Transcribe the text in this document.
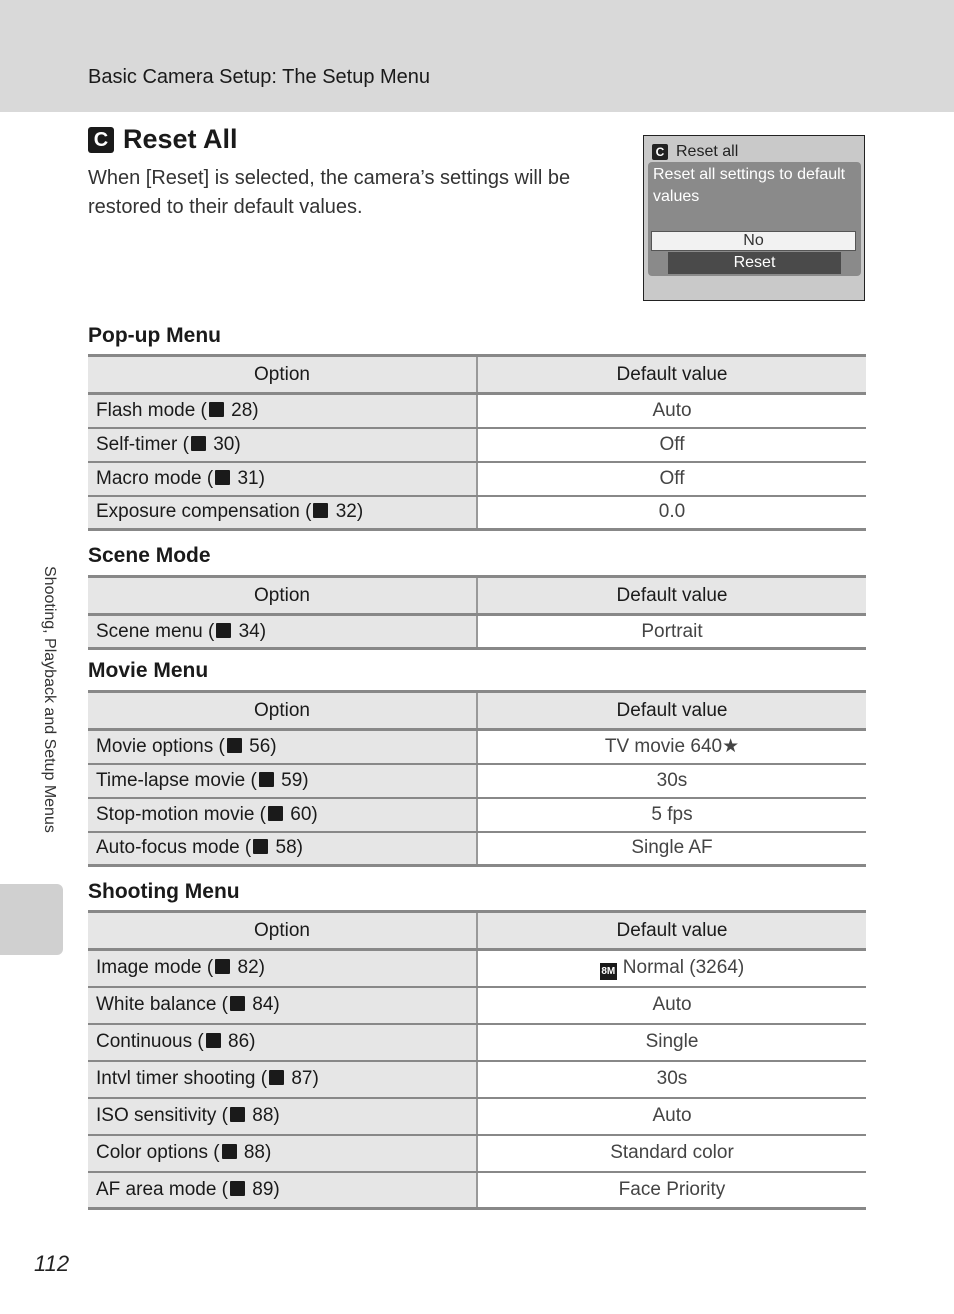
Basic Camera Setup: The Setup Menu
C Reset All
When [Reset] is selected, the camera’s settings will be restored to their default values.
C Reset all
Reset all settings to default values
No
Reset
Pop-up Menu
Option	Default value
Flash mode ( 28)	Auto
Self-timer ( 30)	Off
Macro mode ( 31)	Off
Exposure compensation ( 32)	0.0
Scene Mode
Option	Default value
Scene menu ( 34)	Portrait
Movie Menu
Option	Default value
Movie options ( 56)	TV movie 640★
Time-lapse movie ( 59)	30s
Stop-motion movie ( 60)	5 fps
Auto-focus mode ( 58)	Single AF
Shooting Menu
Option	Default value
Image mode ( 82)	8M Normal (3264)
White balance ( 84)	Auto
Continuous ( 86)	Single
Intvl timer shooting ( 87)	30s
ISO sensitivity ( 88)	Auto
Color options ( 88)	Standard color
AF area mode ( 89)	Face Priority
Shooting, Playback and Setup Menus
112
